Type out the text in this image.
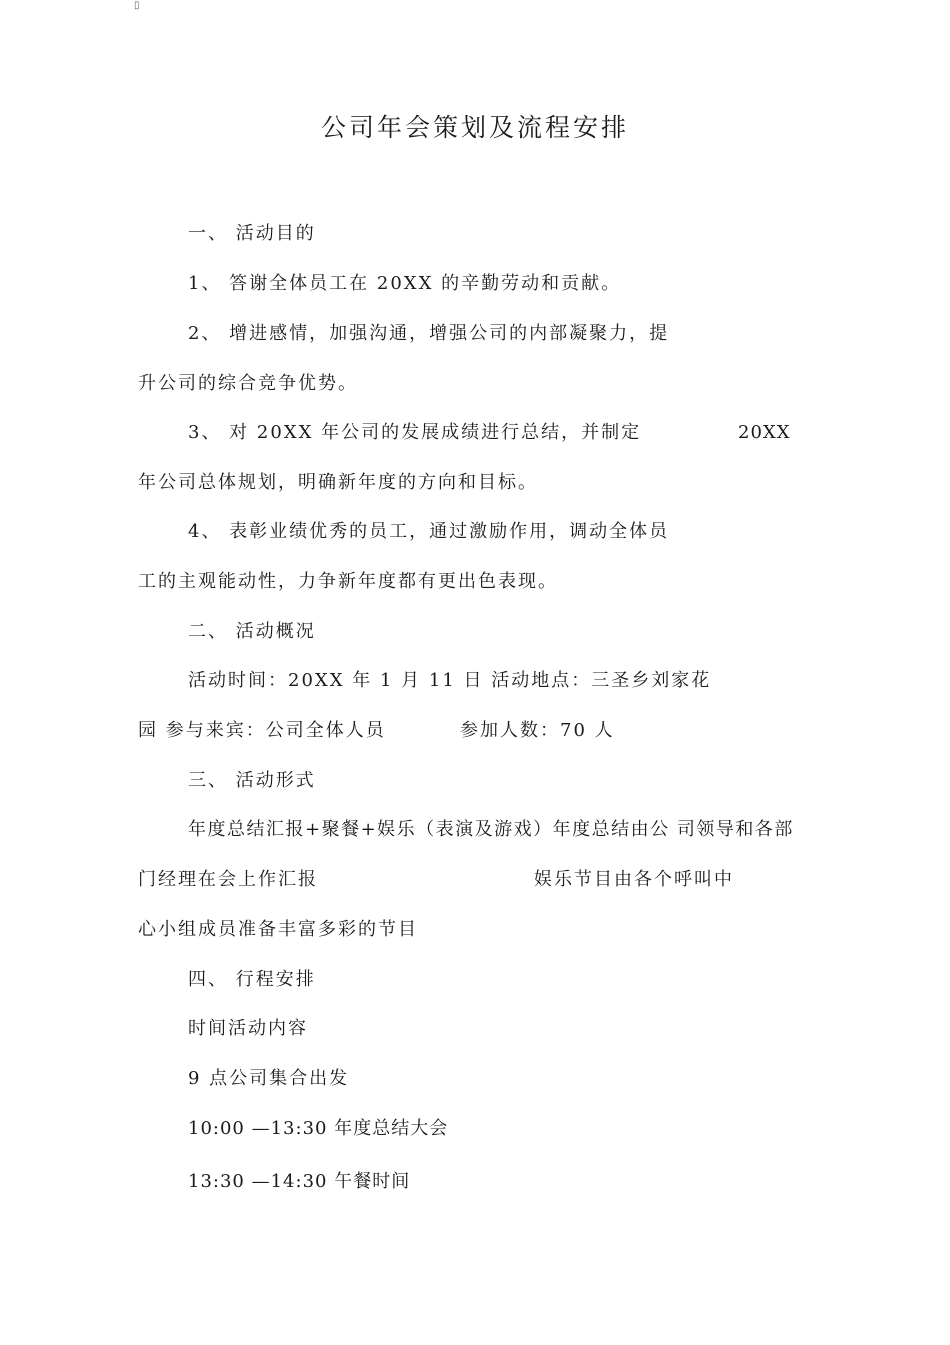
▯
公司年会策划及流程安排
一、 活动目的
1、 答谢全体员工在 20XX 的辛勤劳动和贡献。
2、 增进感情，加强沟通，增强公司的内部凝聚力，提
升公司的综合竞争优势。
3、 对 20XX 年公司的发展成绩进行总结，并制定	20XX
年公司总体规划，明确新年度的方向和目标。
4、 表彰业绩优秀的员工，通过激励作用，调动全体员
工的主观能动性，力争新年度都有更出色表现。
二、 活动概况
活动时间：20XX 年 1 月 11 日 活动地点：三圣乡刘家花
园 参与来宾：公司全体人员	参加人数：70 人
三、 活动形式
年度总结汇报+聚餐+娱乐（表演及游戏）年度总结由公 司领导和各部
门经理在会上作汇报	娱乐节目由各个呼叫中
心小组成员准备丰富多彩的节目
四、 行程安排
时间活动内容
9 点公司集合出发
10:00 —13:30 年度总结大会
13:30 —14:30 午餐时间
